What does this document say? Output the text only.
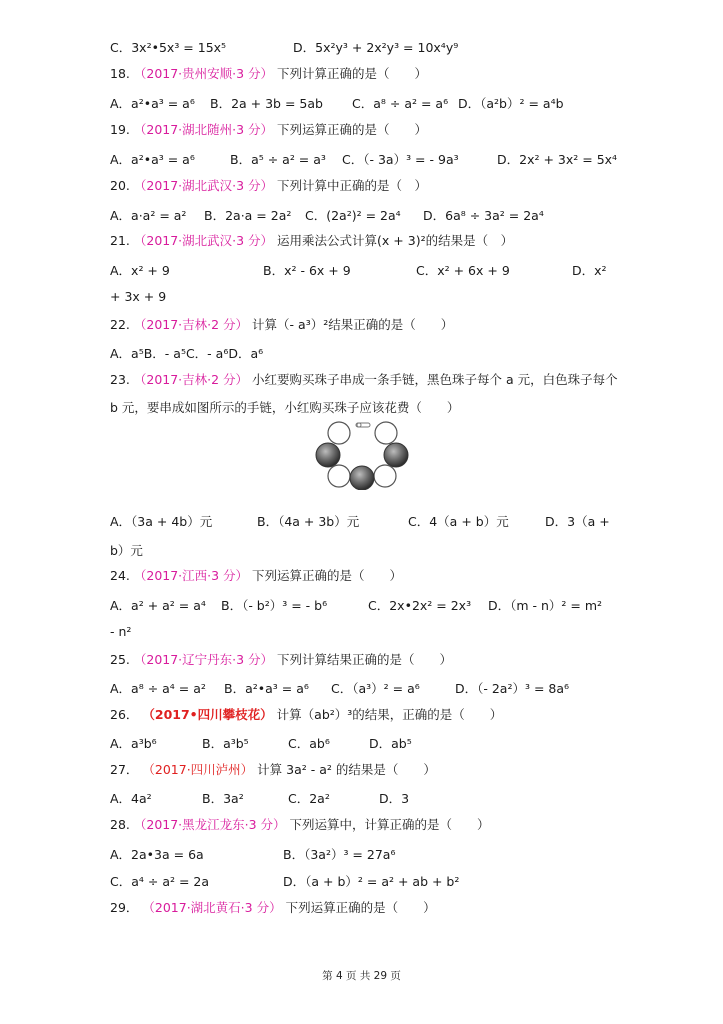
C．3x²•5x³ = 15x⁵	D．5x²y³ + 2x²y³ = 10x⁴y⁹
18. （2017·贵州安顺·3 分） 下列计算正确的是（　　）
A．a²•a³ = a⁶ B．2a + 3b = 5ab C．a⁸ ÷ a² = a⁶ D．（a²b）² = a⁴b
19. （2017·湖北随州·3 分） 下列运算正确的是（　　）
A．a²•a³ = a⁶	B．a⁵ ÷ a² = a³ C．（- 3a）³ = - 9a³	D．2x² + 3x² = 5x⁴
20. （2017·湖北武汉·3 分） 下列计算中正确的是（　）
A．a·a² = a² B．2a·a = 2a² C．(2a²)² = 2a⁴ D．6a⁸ ÷ 3a² = 2a⁴
21. （2017·湖北武汉·3 分） 运用乘法公式计算(x + 3)²的结果是（　）
A．x² + 9	B．x² - 6x + 9	C．x² + 6x + 9	D．x²
+ 3x + 9
22. （2017·吉林·2 分） 计算（- a³）²结果正确的是（　　）
A．a⁵B．- a⁵C．- a⁶D．a⁶
23. （2017·吉林·2 分） 小红要购买珠子串成一条手链，黑色珠子每个 a 元，白色珠子每个
b 元，要串成如图所示的手链，小红购买珠子应该花费（　　）
A．（3a + 4b）元	B．（4a + 3b）元	C．4（a + b）元	D．3（a +
b）元
24. （2017·江西·3 分） 下列运算正确的是（　　）
A．a² + a² = a⁴ B．（- b²）³ = - b⁶	C．2x•2x² = 2x³ D．（m - n）² = m²
- n²
25. （2017·辽宁丹东·3 分） 下列计算结果正确的是（　　）
A．a⁸ ÷ a⁴ = a² B．a²•a³ = a⁶ C．（a³）² = a⁶	D．（- 2a²）³ = 8a⁶
26． （2017•四川攀枝花） 计算（ab²）³的结果，正确的是（　　）
A．a³b⁶	B．a³b⁵	C．ab⁶	D．ab⁵
27． （2017·四川泸州） 计算 3a² - a² 的结果是（　　）
A．4a²	B．3a²	C．2a²	D．3
28. （2017·黑龙江龙东·3 分） 下列运算中，计算正确的是（　　）
A．2a•3a = 6a	B．（3a²）³ = 27a⁶
C．a⁴ ÷ a² = 2a	D．（a + b）² = a² + ab + b²
29． （2017·湖北黄石·3 分） 下列运算正确的是（　　）
第 4 页 共 29 页
